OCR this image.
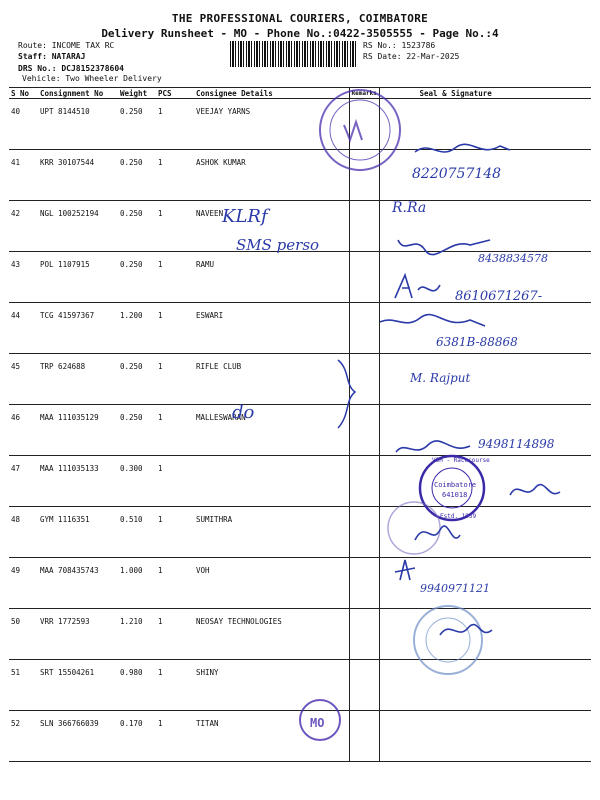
THE PROFESSIONAL COURIERS, COIMBATORE
Delivery Runsheet - MO - Phone No.:0422-3505555 - Page No.:4
Route: INCOME TAX RC
Staff: NATARAJ
DRS No.: DCJ8152378604
Vehicle: Two Wheeler Delivery
RS No.: 1523786
RS Date: 22-Mar-2025
S No	Consignment No	Weight	PCS	Consignee Details	Remarks	Seal & Signature
40	UPT 8144510	0.250	1	VEEJAY YARNS		
41	KRR 30107544	0.250	1	ASHOK KUMAR		
42	NGL 100252194	0.250	1	NAVEEN		
43	POL 1107915	0.250	1	RAMU		
44	TCG 41597367	1.200	1	ESWARI		
45	TRP 624688	0.250	1	RIFLE CLUB		
46	MAA 111035129	0.250	1	MALLESWARAN		
47	MAA 111035133	0.300	1			
48	GYM 1116351	0.510	1	SUMITHRA		
49	MAA 708435743	1.000	1	VOH		
50	VRR 1772593	1.210	1	NEOSAY TECHNOLOGIES		
51	SRT 15504261	0.980	1	SHINY		
52	SLN 366766039	0.170	1	TITAN		
8220757148
KLRf	R.Ra
SMS perso
8438834578
8610671267-
6381B-88868
M. Rajput
do
9498114898
VOH - Racecourse
Coimbatore
641018
Estd. 1959
9940971121
MO
